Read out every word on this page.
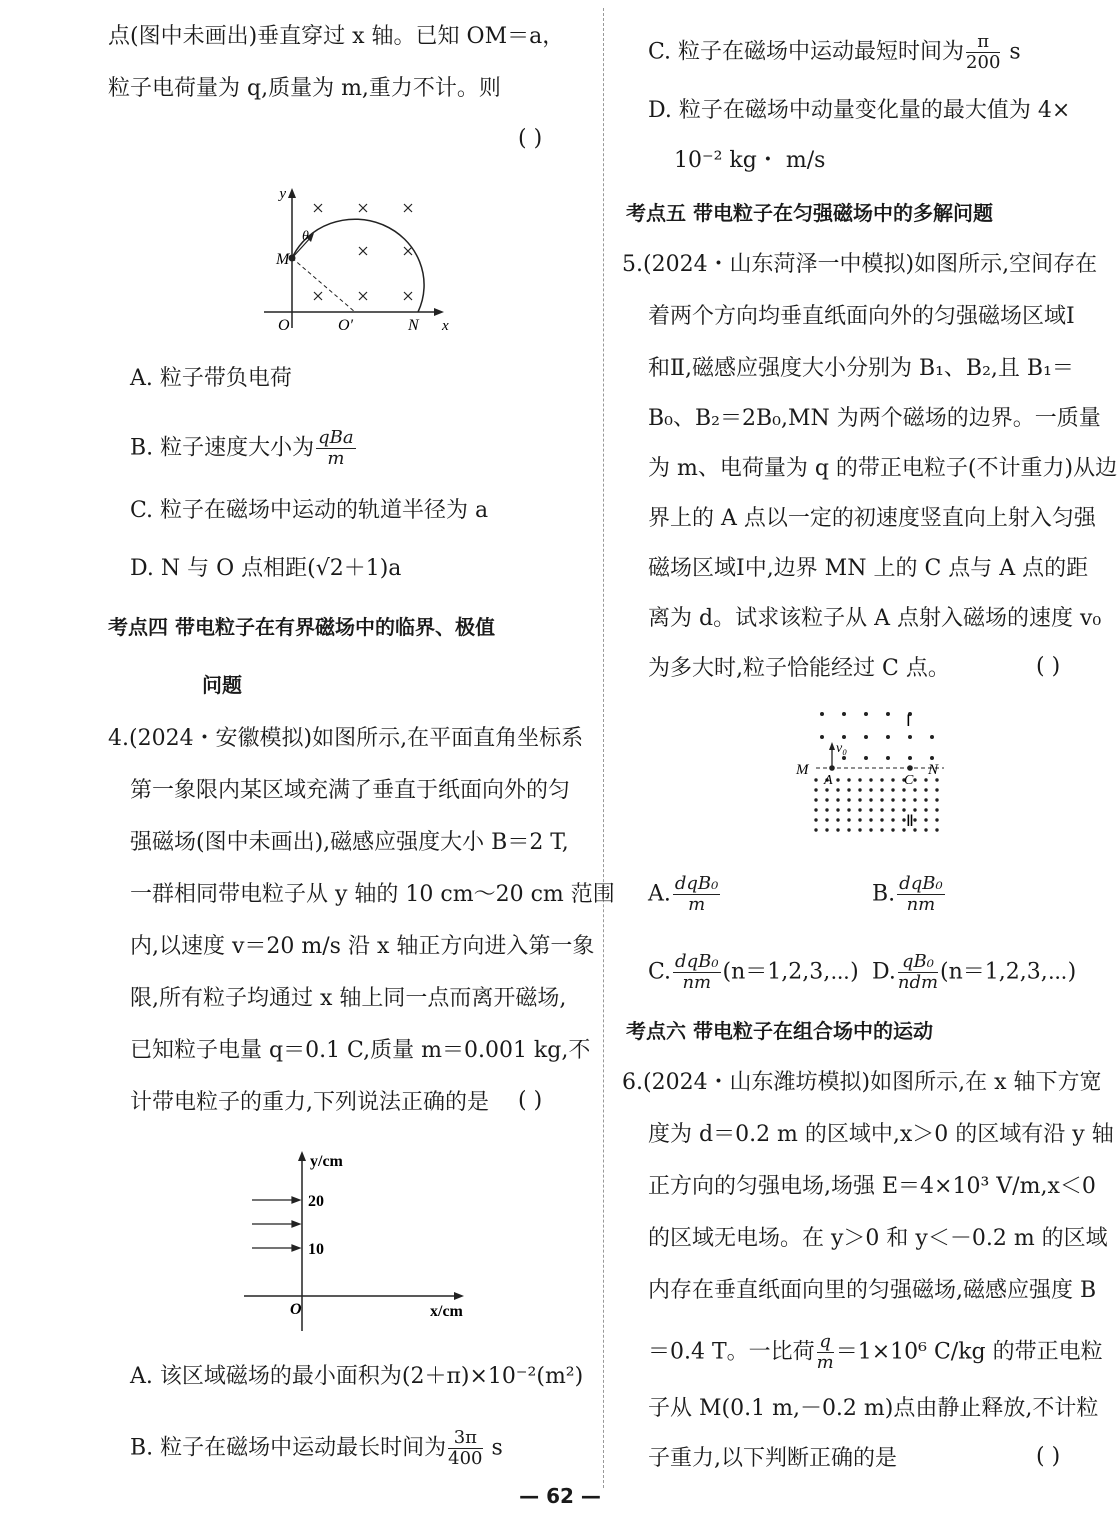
点(图中未画出)垂直穿过 x 轴。已知 OM＝a，
粒子电荷量为 q,质量为 m,重力不计。则
( )
y
x
M
O	O′	N
θ
A. 粒子带负电荷
B. 粒子速度大小为 $\frac{\text{qBa}}{m}$
C. 粒子在磁场中运动的轨道半径为 a
D. N 与 O 点相距(√2＋1)a
考点四 带电粒子在有界磁场中的临界、极值
问题
4.(2024・安徽模拟)如图所示,在平面直角坐标系
第一象限内某区域充满了垂直于纸面向外的匀
强磁场(图中未画出),磁感应强度大小 B＝2 T,
一群相同带电粒子从 y 轴的 10 cm～20 cm 范围
内,以速度 v＝20 m/s 沿 x 轴正方向进入第一象
限,所有粒子均通过 x 轴上同一点而离开磁场,
已知粒子电量 q＝0.1 C,质量 m＝0.001 kg,不
计带电粒子的重力,下列说法正确的是 ( )
y/cm
x/cm
O
20
10
A. 该区域磁场的最小面积为(2＋π)×10⁻²(m²)
B. 粒子在磁场中运动最长时间为 $\frac{3\pi}{400}$ s
C. 粒子在磁场中运动最短时间为 $\frac{\pi}{200}$ s
D. 粒子在磁场中动量变化量的最大值为 4×
10⁻² kg・ m/s
考点五 带电粒子在匀强磁场中的多解问题
5.(2024・山东菏泽一中模拟)如图所示,空间存在
着两个方向均垂直纸面向外的匀强磁场区域Ⅰ
和Ⅱ,磁感应强度大小分别为 B₁、B₂,且 B₁＝
B₀、B₂＝2B₀,MN 为两个磁场的边界。一质量
为 m、电荷量为 q 的带正电粒子(不计重力)从边
界上的 A 点以一定的初速度竖直向上射入匀强
磁场区域Ⅰ中,边界 MN 上的 C 点与 A 点的距
离为 d。试求该粒子从 A 点射入磁场的速度 v₀
为多大时,粒子恰能经过 C 点。	( )
Ⅰ
Ⅱ
M	N
A	C
v₀
A. $\frac{\text{dqB₀}}{m}$	B. $\frac{\text{dqB₀}}{nm}$
C. $\frac{\text{dqB₀}}{nm}$ (n＝1,2,3,⋯) D. $\frac{\text{qB₀}}{\text{ndm}}$ (n＝1,2,3,⋯)
考点六 带电粒子在组合场中的运动
6.(2024・山东潍坊模拟)如图所示,在 x 轴下方宽
度为 d＝0.2 m 的区域中,x＞0 的区域有沿 y 轴
正方向的匀强电场,场强 E＝4×10³ V/m,x＜0
的区域无电场。在 y＞0 和 y＜－0.2 m 的区域
内存在垂直纸面向里的匀强磁场,磁感应强度 B
＝0.4 T。一比荷 $\frac{q}{m} =1\times 10^6$ C/kg 的带正电粒
子从 M(0.1 m,－0.2 m)点由静止释放,不计粒
子重力,以下判断正确的是	( )
— 62 —
